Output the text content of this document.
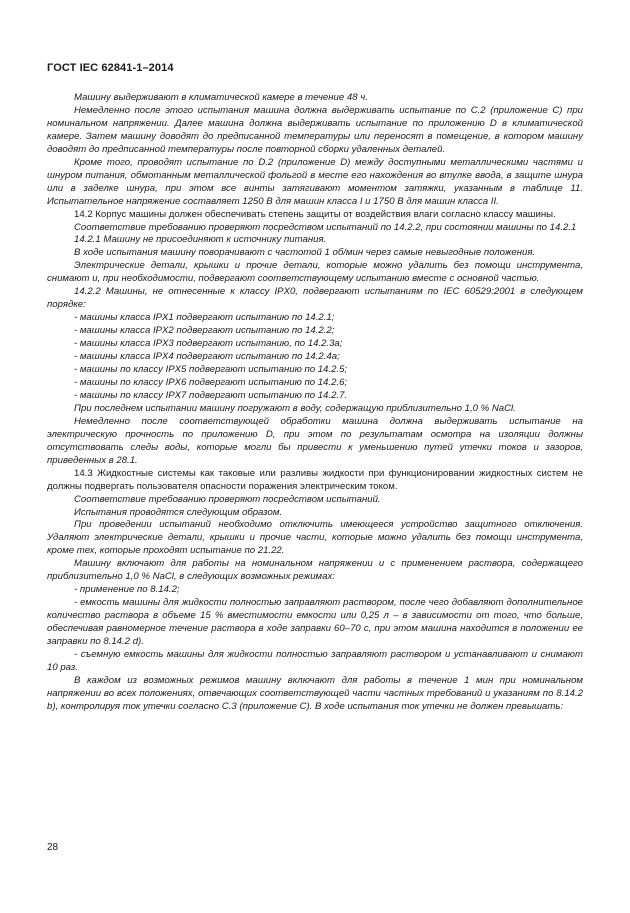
ГОСТ IEC 62841-1–2014

Машину выдерживают в климатической камере в течение 48 ч.

Немедленно после этого испытания машина должна выдерживать испытание по C.2 (приложение C) при номинальном напряжении. Далее машина должна выдерживать испытание по приложению D в климатической камере. Затем машину доводят до предписанной температуры или переносят в помещение, в котором машину доводят до предписанной температуры после повторной сборки удаленных деталей.

Кроме того, проводят испытание по D.2 (приложение D) между доступными металлическими частями и шнуром питания, обмотанным металлической фольгой в месте его нахождения во втулке ввода, в защите шнура или в заделке шнура, при этом все винты затягивают моментом затяжки, указанным в таблице 11. Испытательное напряжение составляет 1250 В для машин класса I и 1750 В для машин класса II.

14.2 Корпус машины должен обеспечивать степень защиты от воздействия влаги согласно классу машины.

Соответствие требованию проверяют посредством испытаний по 14.2.2, при состоянии машины по 14.2.1

14.2.1 Машину не присоединяют к источнику питания.

В ходе испытания машину поворачивают с частотой 1 об/мин через самые невыгодные положения.

Электрические детали, крышки и прочие детали, которые можно удалить без помощи инструмента, снимают и, при необходимости, подвергают соответствующему испытанию вместе с основной частью.

14.2.2 Машины, не отнесенные к классу IPX0, подвергают испытаниям по IEC 60529:2001 в следующем порядке:

- машины класса IPX1 подвергают испытанию по 14.2.1;

- машины класса IPX2 подвергают испытанию по 14.2.2;

- машины класса IPX3 подвергают испытанию, по 14.2.3a;

- машины класса IPX4 подвергают испытанию по 14.2.4a;

- машины по классу IPX5 подвергают испытанию по 14.2.5;

- машины по классу IPX6 подвергают испытанию по 14.2.6;

- машины по классу IPX7 подвергают испытанию по 14.2.7.

При последнем испытании машину погружают в воду, содержащую приблизительно 1,0 % NaCl.

Немедленно после соответствующей обработки машина должна выдерживать испытание на электрическую прочность по приложению D, при этом по результатам осмотра на изоляции должны отсутствовать следы воды, которые могли бы привести к уменьшению путей утечки токов и зазоров, приведенных в 28.1.

14.3 Жидкостные системы как таковые или разливы жидкости при функционировании жидкостных систем не должны подвергать пользователя опасности поражения электрическим током.

Соответствие требованию проверяют посредством испытаний.

Испытания проводятся следующим образом.

При проведении испытаний необходимо отключить имеющееся устройство защитного отключения. Удаляют электрические детали, крышки и прочие части, которые можно удалить без помощи инструмента, кроме тех, которые проходят испытание по 21.22.

Машину включают для работы на номинальном напряжении и с применением раствора, содержащего приблизительно 1,0 % NaCl, в следующих возможных режимах:

- применение по 8.14.2;

- емкость машины для жидкости полностью заправляют раствором, после чего добавляют дополнительное количество раствора в объеме 15 % вместимости емкости или 0,25 л – в зависимости от того, что больше, обеспечивая равномерное течение раствора в ходе заправки 60–70 с, при этом машина находится в положении ее заправки по 8.14.2 d).

- съемную емкость машины для жидкости полностью заправляют раствором и устанавливают и снимают 10 раз.

В каждом из возможных режимов машину включают для работы в течение 1 мин при номинальном напряжении во всех положениях, отвечающих соответствующей части частных требований и указаниям по 8.14.2 b), контролируя ток утечки согласно C.3 (приложение C). В ходе испытания ток утечки не должен превышать:

28
